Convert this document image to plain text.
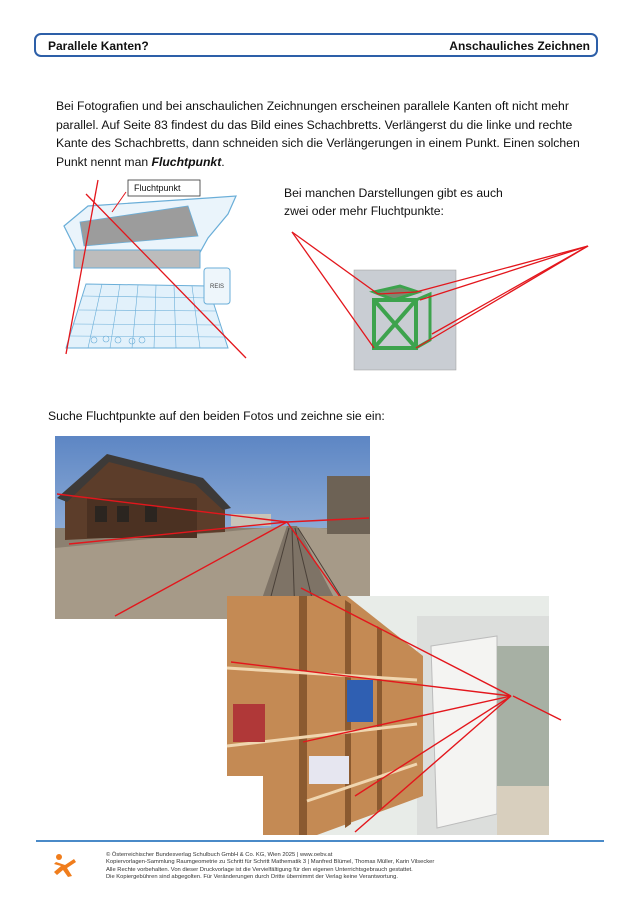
Parallele Kanten?	Anschauliches Zeichnen
Bei Fotografien und bei anschaulichen Zeichnungen erscheinen parallele Kanten oft nicht mehr parallel. Auf Seite 83 findest du das Bild eines Schachbretts. Verlängerst du die linke und rechte Kante des Schachbretts, dann schneiden sich die Verlängerungen in einem Punkt. Einen solchen Punkt nennt man Fluchtpunkt.
REIS
Fluchtpunkt	Bei manchen Darstellungen gibt es auch zwei oder mehr Fluchtpunkte:
Suche Fluchtpunkte auf den beiden Fotos und zeichne sie ein:
© Österreichischer Bundesverlag Schulbuch GmbH & Co. KG, Wien 2025 | www.oebv.at
Kopiervorlagen-Sammlung Raumgeometrie zu Schritt für Schritt Mathematik 3 | Manfred Blümel, Thomas Müller, Karin Vilsecker
Alle Rechte vorbehalten. Von dieser Druckvorlage ist die Vervielfältigung für den eigenen Unterrichtsgebrauch gestattet.
Die Kopiergebühren sind abgegolten. Für Veränderungen durch Dritte übernimmt der Verlag keine Verantwortung.
